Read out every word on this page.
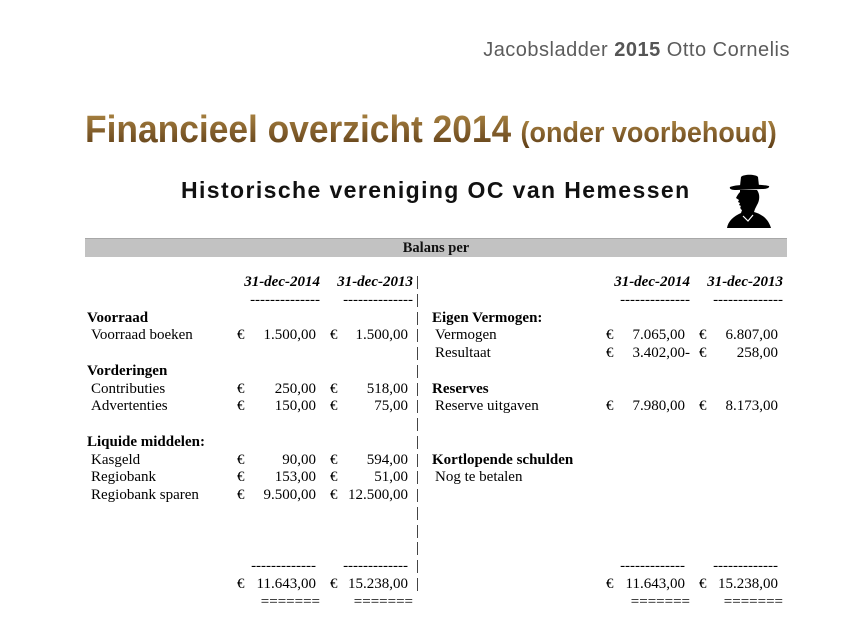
Jacobsladder 2015 Otto Cornelis
Financieel overzicht 2014 (onder voorbehoud)
Historische vereniging OC van Hemessen
Balans per
31-dec-2014 31-dec-2013 |	31-dec-2014 31-dec-2013
-------------- -------------- |	-------------- --------------
Voorraad	| Eigen Vermogen:
Voorraad boeken	€ 1.500,00 € 1.500,00 | Vermogen	€ 7.065,00 € 6.807,00
| Resultaat	€ 3.402,00- € 258,00
Vorderingen	|
Contributies	€ 250,00 € 518,00 | Reserves
Advertenties	€ 150,00 € 75,00 | Reserve uitgaven	€ 7.980,00 € 8.173,00
|
Liquide middelen:	|
Kasgeld	€	90,00 € 594,00 | Kortlopende schulden
Regiobank	€ 153,00 € 51,00 | Nog te betalen
Regiobank sparen	€ 9.500,00 € 12.500,00 |
|
|
|
------------- ------------- |	------------- -------------
€ 11.643,00 € 15.238,00 |	€ 11.643,00 € 15.238,00
======= =======	======= =======
